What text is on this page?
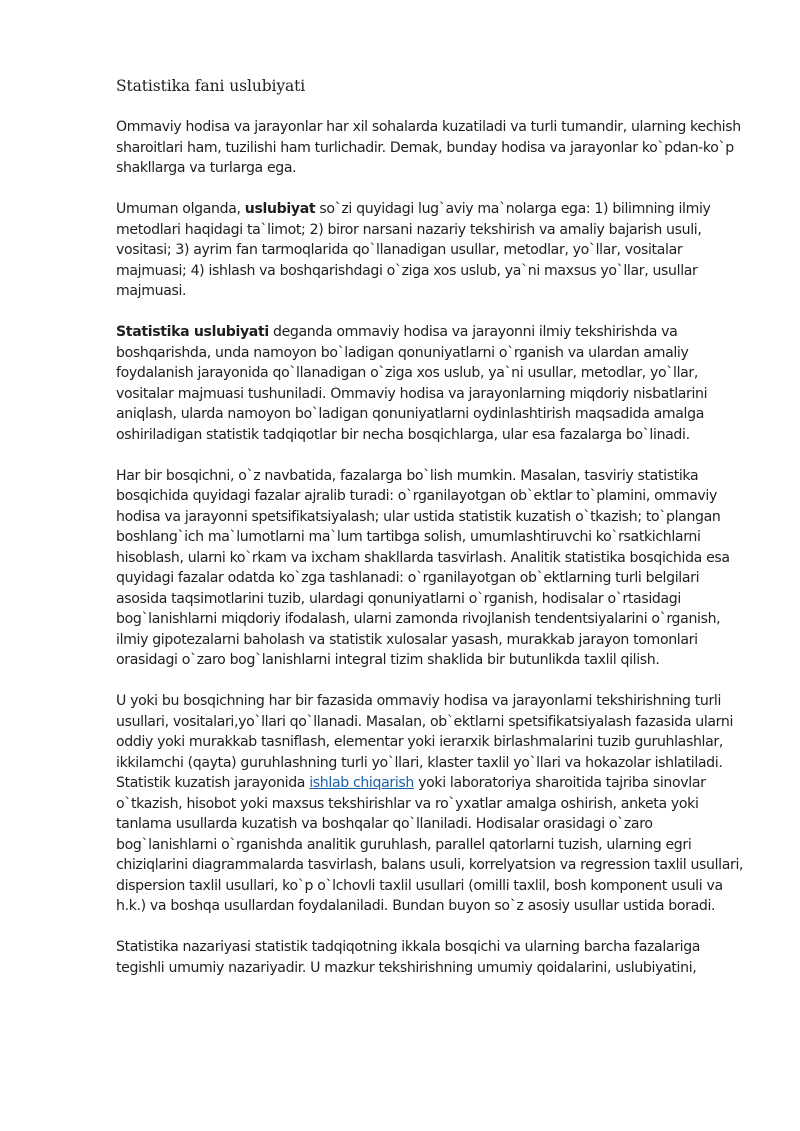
Statistika fani uslubiyati

Ommaviy hodisa va jarayonlar har xil sohalarda kuzatiladi va turli tumandir, ularning kechish sharoitlari ham, tuzilishi ham turlichadir. Demak, bunday hodisa va jarayonlar ko`pdan-ko`p shakllarga va turlarga ega.

Umuman olganda, uslubiyat so`zi quyidagi lug`aviy ma`nolarga ega: 1) bilimning ilmiy metodlari haqidagi ta`limot; 2) biror narsani nazariy tekshirish va amaliy bajarish usuli, vositasi; 3) ayrim fan tarmoqlarida qo`llanadigan usullar, metodlar, yo`llar, vositalar majmuasi; 4) ishlash va boshqarishdagi o`ziga xos uslub, ya`ni maxsus yo`llar, usullar majmuasi.

Statistika uslubiyati deganda ommaviy hodisa va jarayonni ilmiy tekshirishda va boshqarishda, unda namoyon bo`ladigan qonuniyatlarni o`rganish va ulardan amaliy foydalanish jarayonida qo`llanadigan o`ziga xos uslub, ya`ni usullar, metodlar, yo`llar, vositalar majmuasi tushuniladi. Ommaviy hodisa va jarayonlarning miqdoriy nisbatlarini aniqlash, ularda namoyon bo`ladigan qonuniyatlarni oydinlashtirish maqsadida amalga oshiriladigan statistik tadqiqotlar bir necha bosqichlarga, ular esa fazalarga bo`linadi.

Har bir bosqichni, o`z navbatida, fazalarga bo`lish mumkin. Masalan, tasviriy statistika bosqichida quyidagi fazalar ajralib turadi: o`rganilayotgan ob`ektlar to`plamini, ommaviy hodisa va jarayonni spetsifikatsiyalash; ular ustida statistik kuzatish o`tkazish; to`plangan boshlang`ich ma`lumotlarni ma`lum tartibga solish, umumlashtiruvchi ko`rsatkichlarni hisoblash, ularni ko`rkam va ixcham shakllarda tasvirlash. Analitik statistika bosqichida esa quyidagi fazalar odatda ko`zga tashlanadi: o`rganilayotgan ob`ektlarning turli belgilari asosida taqsimotlarini tuzib, ulardagi qonuniyatlarni o`rganish, hodisalar o`rtasidagi bog`lanishlarni miqdoriy ifodalash, ularni zamonda rivojlanish tendentsiyalarini o`rganish, ilmiy gipotezalarni baholash va statistik xulosalar yasash, murakkab jarayon tomonlari orasidagi o`zaro bog`lanishlarni integral tizim shaklida bir butunlikda taxlil qilish.

U yoki bu bosqichning har bir fazasida ommaviy hodisa va jarayonlarni tekshirishning turli usullari, vositalari,yo`llari qo`llanadi. Masalan, ob`ektlarni spetsifikatsiyalash fazasida ularni oddiy yoki murakkab tasniflash, elementar yoki ierarxik birlashmalarini tuzib guruhlashlar, ikkilamchi (qayta) guruhlashning turli yo`llari, klaster taxlil yo`llari va hokazolar ishlatiladi. Statistik kuzatish jarayonida ishlab chiqarish yoki laboratoriya sharoitida tajriba sinovlar o`tkazish, hisobot yoki maxsus tekshirishlar va ro`yxatlar amalga oshirish, anketa yoki tanlama usullarda kuzatish va boshqalar qo`llaniladi. Hodisalar orasidagi o`zaro bog`lanishlarni o`rganishda analitik guruhlash, parallel qatorlarni tuzish, ularning egri chiziqlarini diagrammalarda tasvirlash, balans usuli, korrelyatsion va regression taxlil usullari, dispersion taxlil usullari, ko`p o`lchovli taxlil usullari (omilli taxlil, bosh komponent usuli va h.k.) va boshqa usullardan foydalaniladi. Bundan buyon so`z asosiy usullar ustida boradi.

Statistika nazariyasi statistik tadqiqotning ikkala bosqichi va ularning barcha fazalariga tegishli umumiy nazariyadir. U mazkur tekshirishning umumiy qoidalarini, uslubiyatini,
